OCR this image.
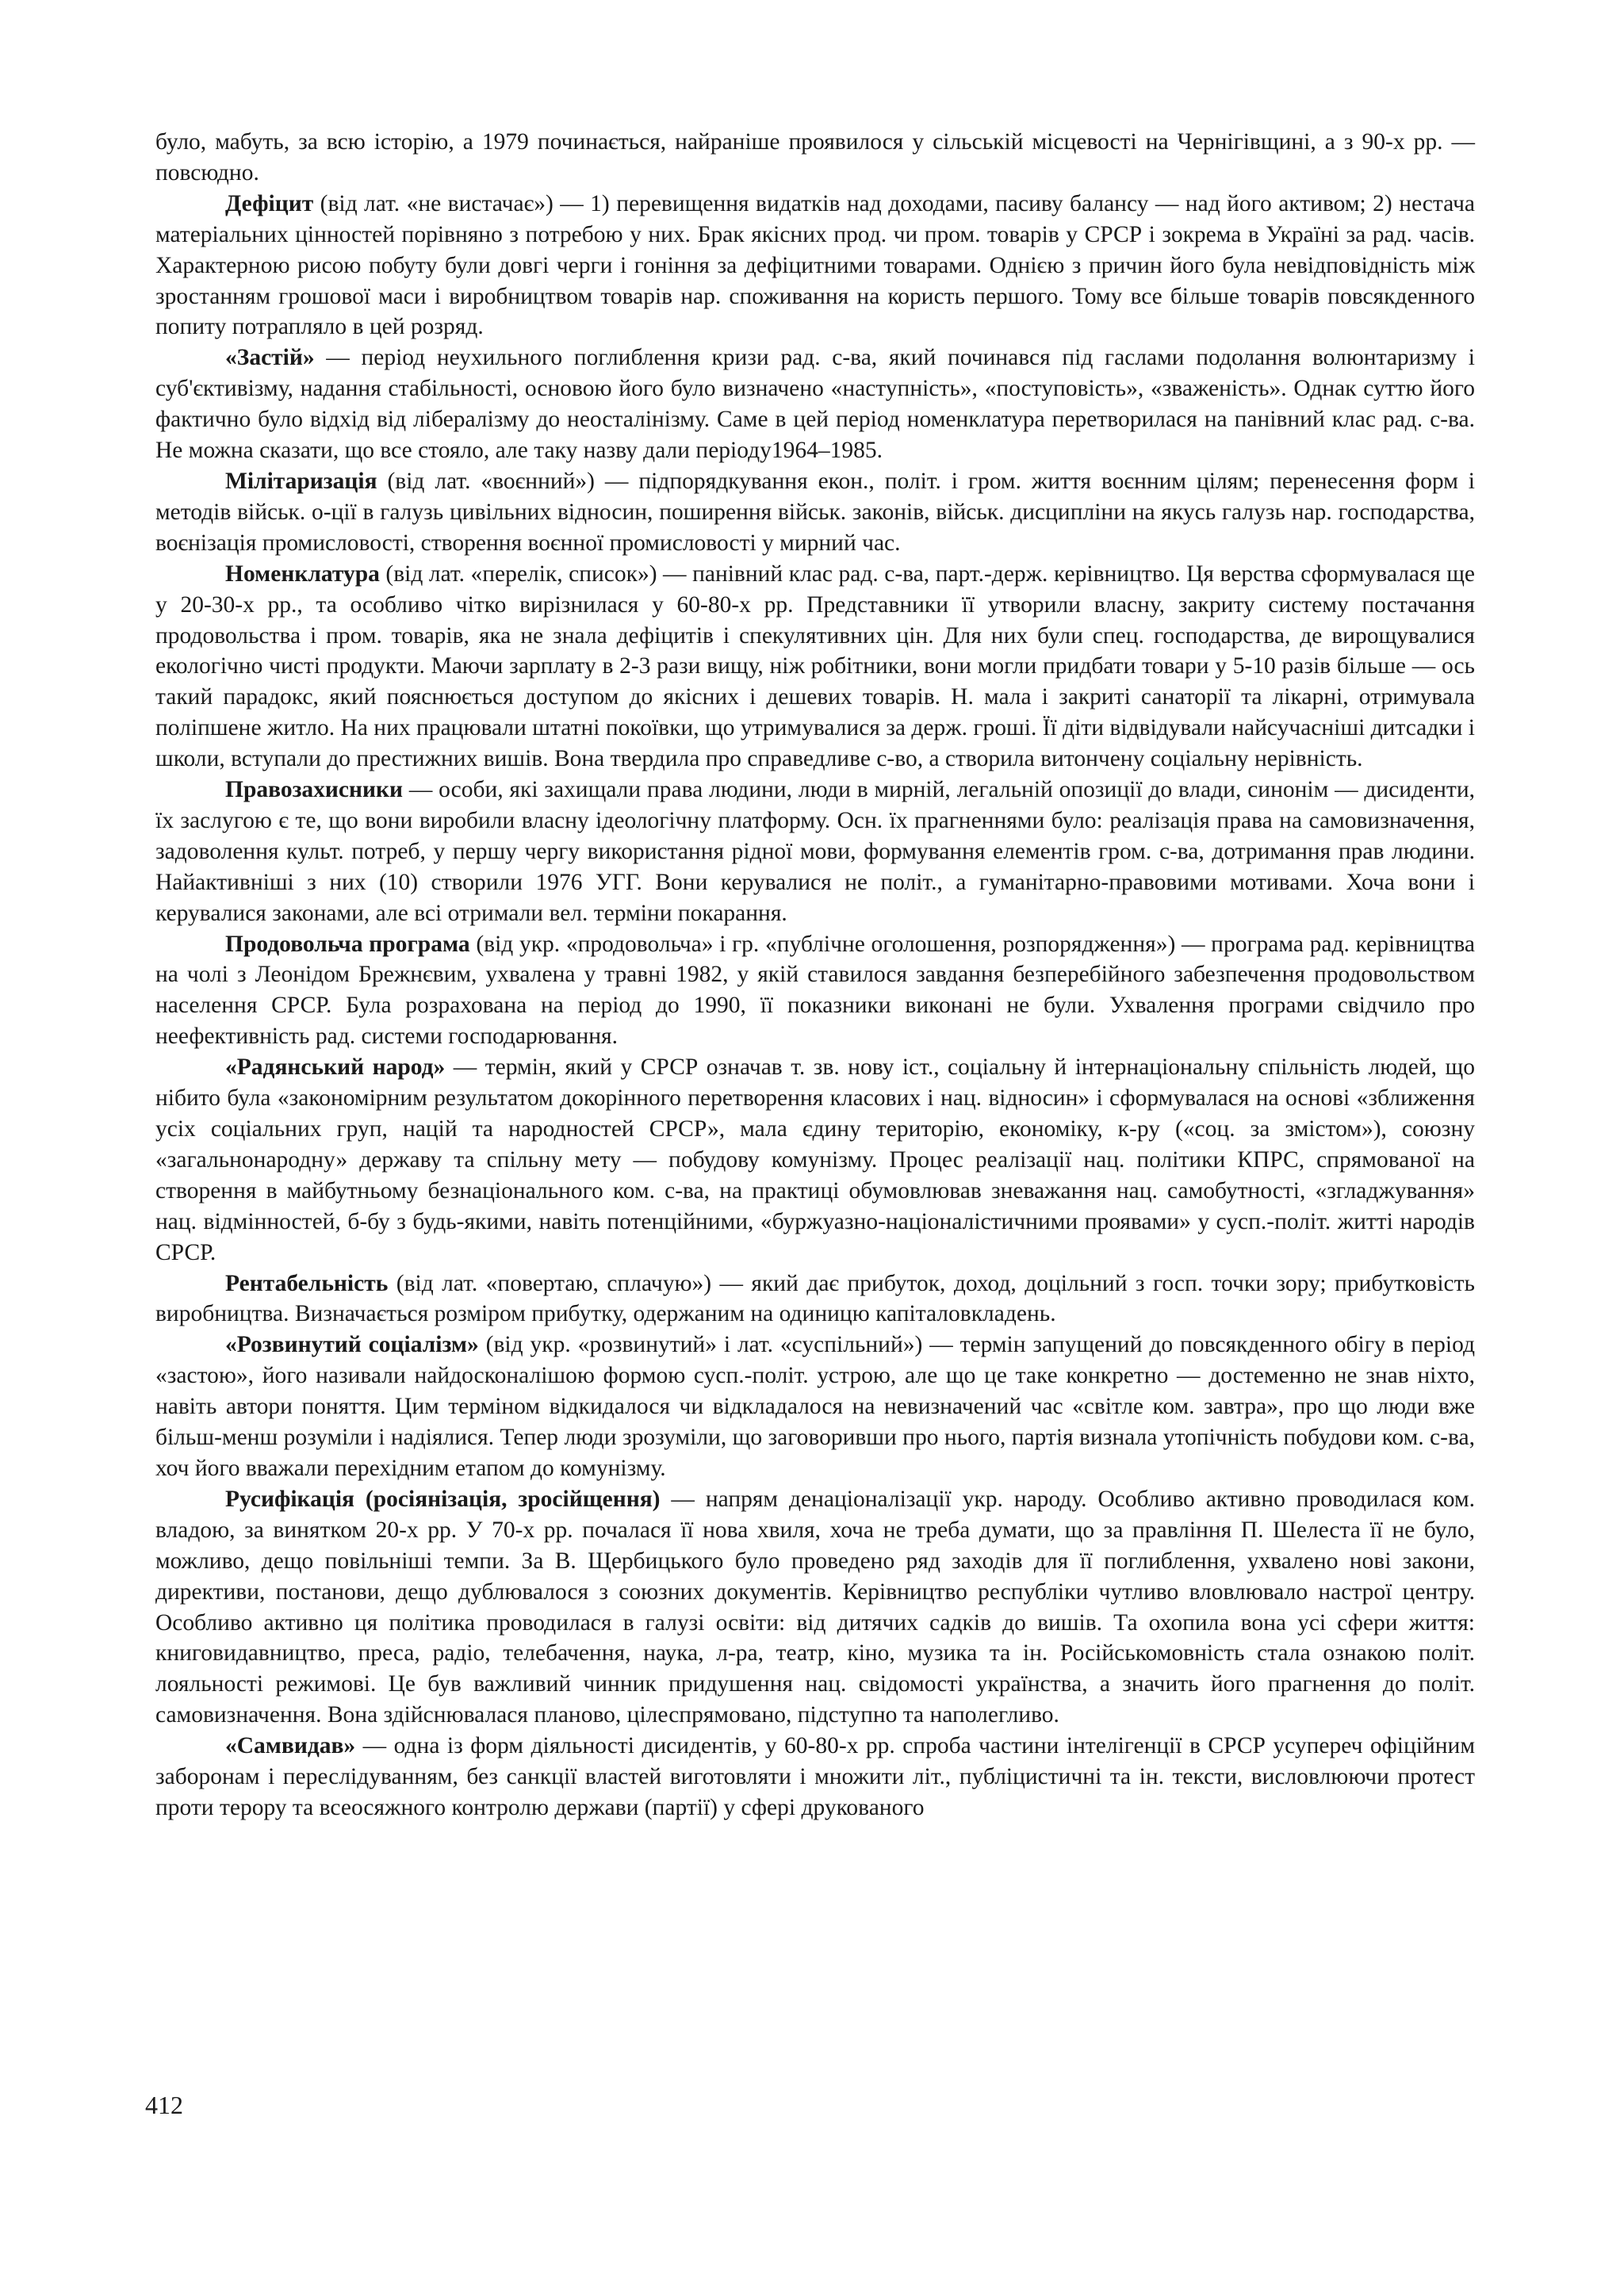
було, мабуть, за всю історію, а 1979 починається, найраніше проявилося у сільській місцевості на Чернігівщині, а з 90-х рр. — повсюдно.

Дефіцит (від лат. «не вистачає») — 1) перевищення видатків над доходами, пасиву балансу — над його активом; 2) нестача матеріальних цінностей порівняно з потребою у них. Брак якісних прод. чи пром. товарів у СРСР і зокрема в Україні за рад. часів. Характерною рисою побуту були довгі черги і гоніння за дефіцитними товарами. Однією з причин його була невідповідність між зростанням грошової маси і виробництвом товарів нар. споживання на користь першого. Тому все більше товарів повсякденного попиту потрапляло в цей розряд.

«Застій» — період неухильного поглиблення кризи рад. с-ва, який починався під гаслами подолання волюнтаризму і суб'єктивізму, надання стабільності, основою його було визначено «наступність», «поступовість», «зваженість». Однак суттю його фактично було відхід від лібералізму до неосталінізму. Саме в цей період номенклатура перетворилася на панівний клас рад. с-ва. Не можна сказати, що все стояло, але таку назву дали періоду1964–1985.

Мілітаризація (від лат. «воєнний») — підпорядкування екон., політ. і гром. життя воєнним цілям; перенесення форм і методів військ. о-ції в галузь цивільних відносин, поширення військ. законів, військ. дисципліни на якусь галузь нар. господарства, воєнізація промисловості, створення воєнної промисловості у мирний час.

Номенклатура (від лат. «перелік, список») — панівний клас рад. с-ва, парт.-держ. керівництво. Ця верства сформувалася ще у 20-30-х рр., та особливо чітко вирізнилася у 60-80-х рр. Представники її утворили власну, закриту систему постачання продовольства і пром. товарів, яка не знала дефіцитів і спекулятивних цін. Для них були спец. господарства, де вирощувалися екологічно чисті продукти. Маючи зарплату в 2-3 рази вищу, ніж робітники, вони могли придбати товари у 5-10 разів більше — ось такий парадокс, який пояснюється доступом до якісних і дешевих товарів. Н. мала і закриті санаторії та лікарні, отримувала поліпшене житло. На них працювали штатні покоївки, що утримувалися за держ. гроші. Її діти відвідували найсучасніші дитсадки і школи, вступали до престижних вишів. Вона твердила про справедливе с-во, а створила витончену соціальну нерівність.

Правозахисники — особи, які захищали права людини, люди в мирній, легальній опозиції до влади, синонім — дисиденти, їх заслугою є те, що вони виробили власну ідеологічну платформу. Осн. їх прагненнями було: реалізація права на самовизначення, задоволення культ. потреб, у першу чергу використання рідної мови, формування елементів гром. с-ва, дотримання прав людини. Найактивніші з них (10) створили 1976 УГГ. Вони керувалися не політ., а гуманітарно-правовими мотивами. Хоча вони і керувалися законами, але всі отримали вел. терміни покарання.

Продовольча програма (від укр. «продовольча» і гр. «публічне оголошення, розпорядження») — програма рад. керівництва на чолі з Леонідом Брежнєвим, ухвалена у травні 1982, у якій ставилося завдання безперебійного забезпечення продовольством населення СРСР. Була розрахована на період до 1990, її показники виконані не були. Ухвалення програми свідчило про неефективність рад. системи господарювання.

«Радянський народ» — термін, який у СРСР означав т. зв. нову іст., соціальну й інтернаціональну спільність людей, що нібито була «закономірним результатом докорінного перетворення класових і нац. відносин» і сформувалася на основі «зближення усіх соціальних груп, націй та народностей СРСР», мала єдину територію, економіку, к-ру («соц. за змістом»), союзну «загальнонародну» державу та спільну мету — побудову комунізму. Процес реалізації нац. політики КПРС, спрямованої на створення в майбутньому безнаціонального ком. с-ва, на практиці обумовлював зневажання нац. самобутності, «згладжування» нац. відмінностей, б-бу з будь-якими, навіть потенційними, «буржуазно-націоналістичними проявами» у сусп.-політ. житті народів СРСР.

Рентабельність (від лат. «повертаю, сплачую») — який дає прибуток, доход, доцільний з госп. точки зору; прибутковість виробництва. Визначається розміром прибутку, одержаним на одиницю капіталовкладень.

«Розвинутий соціалізм» (від укр. «розвинутий» і лат. «суспільний») — термін запущений до повсякденного обігу в період «застою», його називали найдосконалішою формою сусп.-політ. устрою, але що це таке конкретно — достеменно не знав ніхто, навіть автори поняття. Цим терміном відкидалося чи відкладалося на невизначений час «світле ком. завтра», про що люди вже більш-менш розуміли і надіялися. Тепер люди зрозуміли, що заговоривши про нього, партія визнала утопічність побудови ком. с-ва, хоч його вважали перехідним етапом до комунізму.

Русифікація (росіянізація, зросійщення) — напрям денаціоналізації укр. народу. Особливо активно проводилася ком. владою, за винятком 20-х рр. У 70-х рр. почалася її нова хвиля, хоча не треба думати, що за правління П. Шелеста її не було, можливо, дещо повільніші темпи. За В. Щербицького було проведено ряд заходів для її поглиблення, ухвалено нові закони, директиви, постанови, дещо дублювалося з союзних документів. Керівництво республіки чутливо вловлювало настрої центру. Особливо активно ця політика проводилася в галузі освіти: від дитячих садків до вишів. Та охопила вона усі сфери життя: книговидавництво, преса, радіо, телебачення, наука, л-ра, театр, кіно, музика та ін. Російськомовність стала ознакою політ. лояльності режимові. Це був важливий чинник придушення нац. свідомості українства, а значить його прагнення до політ. самовизначення. Вона здійснювалася планово, цілеспрямовано, підступно та наполегливо.

«Самвидав» — одна із форм діяльності дисидентів, у 60-80-х рр. спроба частини інтелігенції в СРСР усупереч офіційним заборонам і переслідуванням, без санкції властей виготовляти і множити літ., публіцистичні та ін. тексти, висловлюючи протест проти терору та всеосяжного контролю держави (партії) у сфері друкованого

412
